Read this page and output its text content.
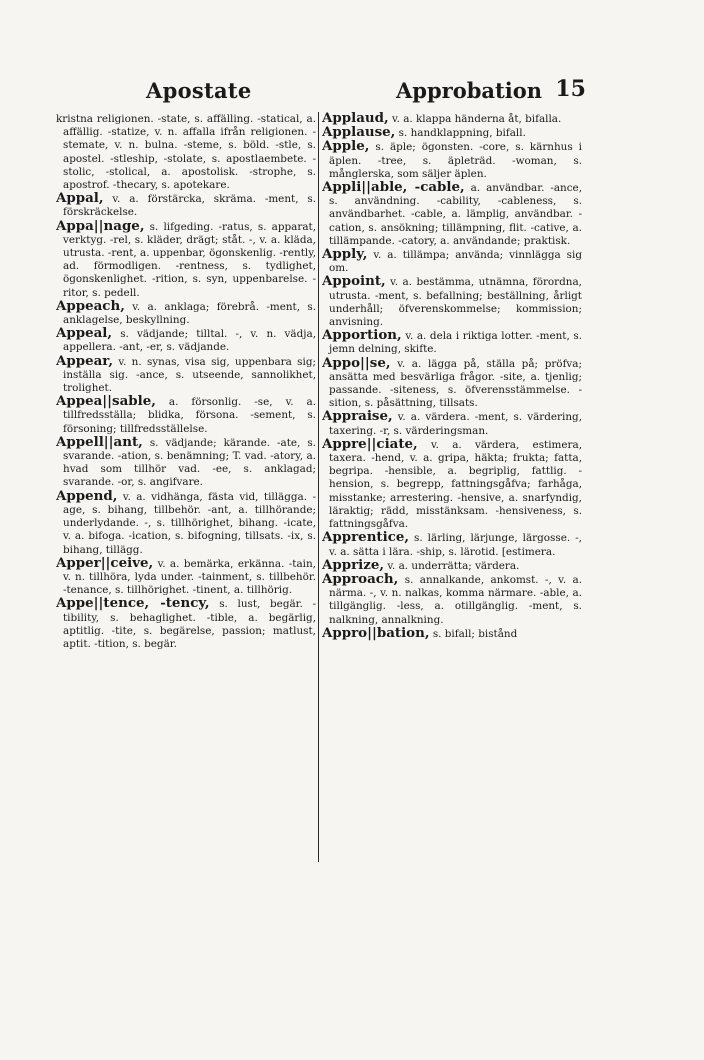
Apostate	Approbation 15

kristna religionen. -state, s. affälling. -statical, a. affällig. -statize, v. n. affalla ifrån religionen. -stemate, v. n. bulna. -steme, s. böld. -stle, s. apostel. -stleship, -stolate, s. apostlaembete. -stolic, -stolical, a. apostolisk. -strophe, s. apostrof. -thecary, s. apotekare.

Appal, v. a. förstärcka, skräma. -ment, s. förskräckelse.

Appa||nage, s. lifgeding. -ratus, s. apparat, verktyg. -rel, s. kläder, drägt; ståt. -, v. a. kläda, utrusta. -rent, a. uppenbar, ögonskenlig. -rently, ad. förmodligen. -rentness, s. tydlighet, ögonskenlighet. -rition, s. syn, uppenbarelse. -ritor, s. pedell.

Appeach, v. a. anklaga; förebrå. -ment, s. anklagelse, beskyllning.

Appeal, s. vädjande; tilltal. -, v. n. vädja, appellera. -ant, -er, s. vädjande.

Appear, v. n. synas, visa sig, uppenbara sig; inställa sig. -ance, s. utseende, sannolikhet, trolighet.

Appea||sable, a. försonlig. -se, v. a. tillfredsställa; blidka, försona. -sement, s. försoning; tillfredsställelse.

Appell||ant, s. vädjande; kärande. -ate, s. svarande. -ation, s. benämning; T. vad. -atory, a. hvad som tillhör vad. -ee, s. anklagad; svarande. -or, s. angifvare.

Append, v. a. vidhänga, fästa vid, tillägga. -age, s. bihang, tillbehör. -ant, a. tillhörande; underlydande. -, s. tillhörighet, bihang. -icate, v. a. bifoga. -ication, s. bifogning, tillsats. -ix, s. bihang, tillägg.

Apper||ceive, v. a. bemärka, erkänna. -tain, v. n. tillhöra, lyda under. -tainment, s. tillbehör. -tenance, s. tillhörighet. -tinent, a. tillhörig.

Appe||tence, -tency, s. lust, begär. -tibility, s. behaglighet. -tible, a. begärlig, aptitlig. -tite, s. begärelse, passion; matlust, aptit. -tition, s. begär.

Applaud, v. a. klappa händerna åt, bifalla.

Applause, s. handklappning, bifall.

Apple, s. äple; ögonsten. -core, s. kärnhus i äplen. -tree, s. äpleträd. -woman, s. månglerska, som säljer äplen.

Appli||able, -cable, a. användbar. -ance, s. användning. -cability, -cableness, s. användbarhet. -cable, a. lämplig, användbar. -cation, s. ansökning; tillämpning, flit. -cative, a. tillämpande. -catory, a. användande; praktisk.

Apply, v. a. tillämpa; använda; vinnlägga sig om.

Appoint, v. a. bestämma, utnämna, förordna, utrusta. -ment, s. befallning; beställning, årligt underhåll; öfverenskommelse; kommission; anvisning.

Apportion, v. a. dela i riktiga lotter. -ment, s. jemn delning, skifte.

Appo||se, v. a. lägga på, ställa på; pröfva; ansätta med besvärliga frågor. -site, a. tjenlig; passande. -siteness, s. öfverensstämmelse. -sition, s. påsättning, tillsats.

Appraise, v. a. värdera. -ment, s. värdering, taxering. -r, s. värderingsman.

Appre||ciate, v. a. värdera, estimera, taxera. -hend, v. a. gripa, häkta; frukta; fatta, begripa. -hensible, a. begriplig, fattlig. -hension, s. begrepp, fattningsgåfva; farhåga, misstanke; arrestering. -hensive, a. snarfyndig, läraktig; rädd, misstänksam. -hensiveness, s. fattningsgåfva.

Apprentice, s. lärling, lärjunge, lärgosse. -, v. a. sätta i lära. -ship, s. lärotid. [estimera.

Apprize, v. a. underrätta; värdera.

Approach, s. annalkande, ankomst. -, v. a. närma. -, v. n. nalkas, komma närmare. -able, a. tillgänglig. -less, a. otillgänglig. -ment, s. nalkning, annalkning.

Appro||bation, s. bifall; bistånd
